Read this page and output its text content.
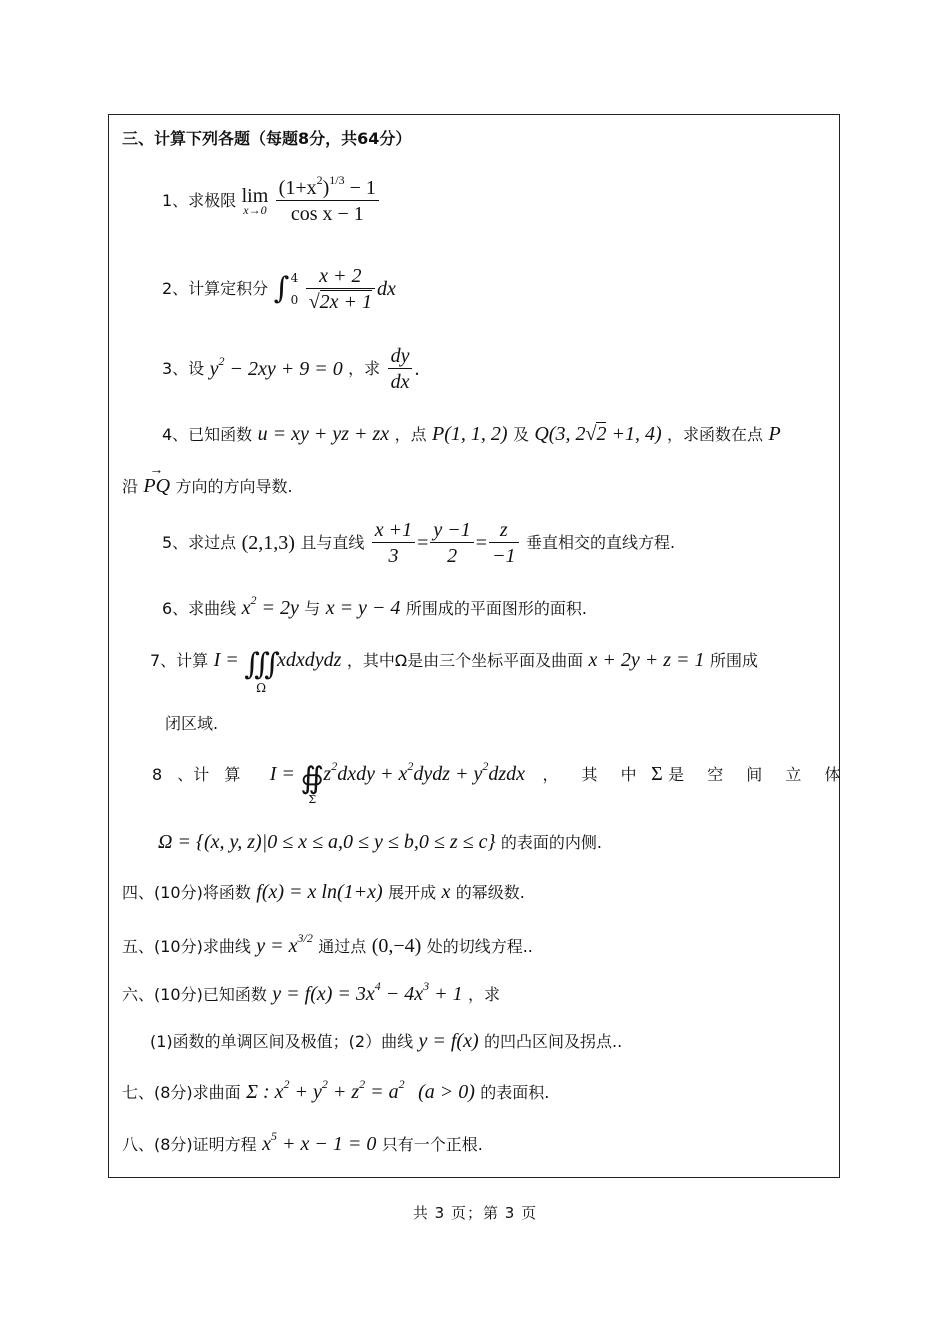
三、计算下列各题（每题8分，共64分）
1、求极限 lim
x→0
$\frac{(1+x^2)^{1/3} - 1}{\text{cos x − 1}}$
2、计算定积分 ∫ 4
0
$\frac{x + 2}{√2x + 1}$ dx
3、设 $y^2 - 2xy + 9 = 0$ ，求 $\frac{dy}{dx}$ .
4、已知函数 u = xy + yz + zx ，点 P(1, 1, 2) 及 Q(3, 2√2 +1, 4) ，求函数在点 P
沿
→
PQ 方向的方向导数.
5、求过点 (2,1,3) 且与直线 $\frac{x +1}{3} = \frac{y -1}{2} = \frac{z}{-1}$ 垂直相交的直线方程.
6、求曲线 $x^2 = 2y$ 与 x = y − 4 所围成的平面图形的面积.
7、计算 I = ∭
Ω
xdxdydz ，其中Ω是由三个坐标平面及曲面 x + 2y + z = 1 所围成
闭区域.
8 、计 算 I = ∯
Σ
$z^2dxdy$ + $x^2dydz$ + $y^2dzdx$ ， 其 中 Σ 是 空 间 立 体
Ω = {(x, y, z)|0 ≤ x ≤ a,0 ≤ y ≤ b,0 ≤ z ≤ c} 的表面的内侧.
四、(10分)将函数 f(x) = x ln(1+x) 展开成 x 的幂级数.
五、(10分)求曲线 $y = x^{3/2}$ 通过点 (0,−4) 处的切线方程..
六、(10分)已知函数 $y = f(x) = 3x^4 - 4x^3 + 1$ ，求
(1)函数的单调区间及极值；(2）曲线 y = f(x) 的凹凸区间及拐点..
七、(8分)求曲面 Σ : $x^2 + y^2 + z^2 = a^2$ (a > 0) 的表面积.
八、(8分)证明方程 $x^5 + x - 1 = 0$ 只有一个正根.
共 3 页；第 3 页
